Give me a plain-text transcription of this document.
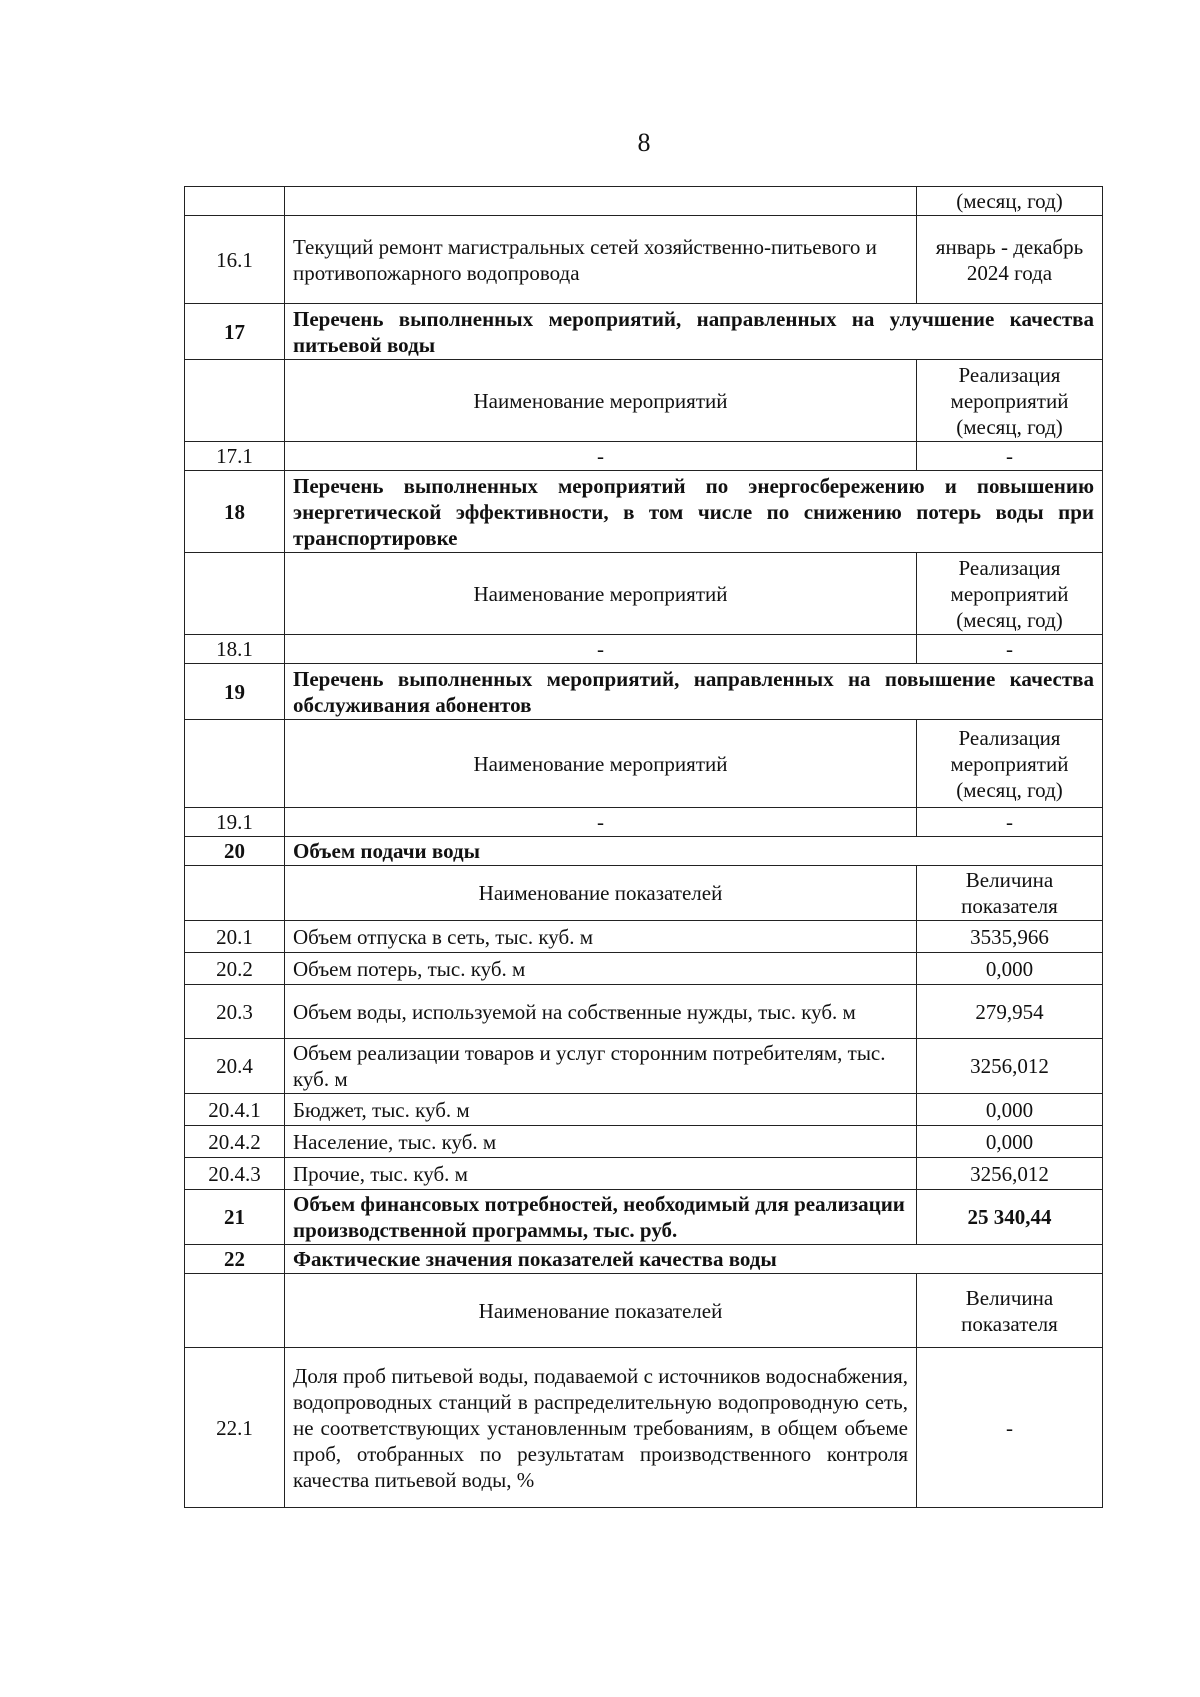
8
		(месяц, год)
16.1	Текущий ремонт магистральных сетей хозяйственно-питьевого и противопожарного водопровода	январь - декабрь 2024 года
17	Перечень выполненных мероприятий, направленных на улучшение качества питьевой воды	
	Наименование мероприятий	Реализация мероприятий (месяц, год)
17.1	-	-
18	Перечень выполненных мероприятий по энергосбережению и повышению энергетической эффективности, в том числе по снижению потерь воды при транспортировке	
	Наименование мероприятий	Реализация мероприятий (месяц, год)
18.1	-	-
19	Перечень выполненных мероприятий, направленных на повышение качества обслуживания абонентов	
	Наименование мероприятий	Реализация мероприятий (месяц, год)
19.1	-	-
20	Объем подачи воды	
	Наименование показателей	Величина показателя
20.1	Объем отпуска в сеть, тыс. куб. м	3535,966
20.2	Объем потерь, тыс. куб. м	0,000
20.3	Объем воды, используемой на собственные нужды, тыс. куб. м	279,954
20.4	Объем реализации товаров и услуг сторонним потребителям, тыс. куб. м	3256,012
20.4.1	Бюджет, тыс. куб. м	0,000
20.4.2	Население, тыс. куб. м	0,000
20.4.3	Прочие, тыс. куб. м	3256,012
21	Объем финансовых потребностей, необходимый для реализации производственной программы, тыс. руб.	25 340,44
22	Фактические значения показателей качества воды	
	Наименование показателей	Величина показателя
22.1	Доля проб питьевой воды, подаваемой с источников водоснабжения, водопроводных станций в распределительную водопроводную сеть, не соответствующих установленным требованиям, в общем объеме проб, отобранных по результатам производственного контроля качества питьевой воды, %	-
